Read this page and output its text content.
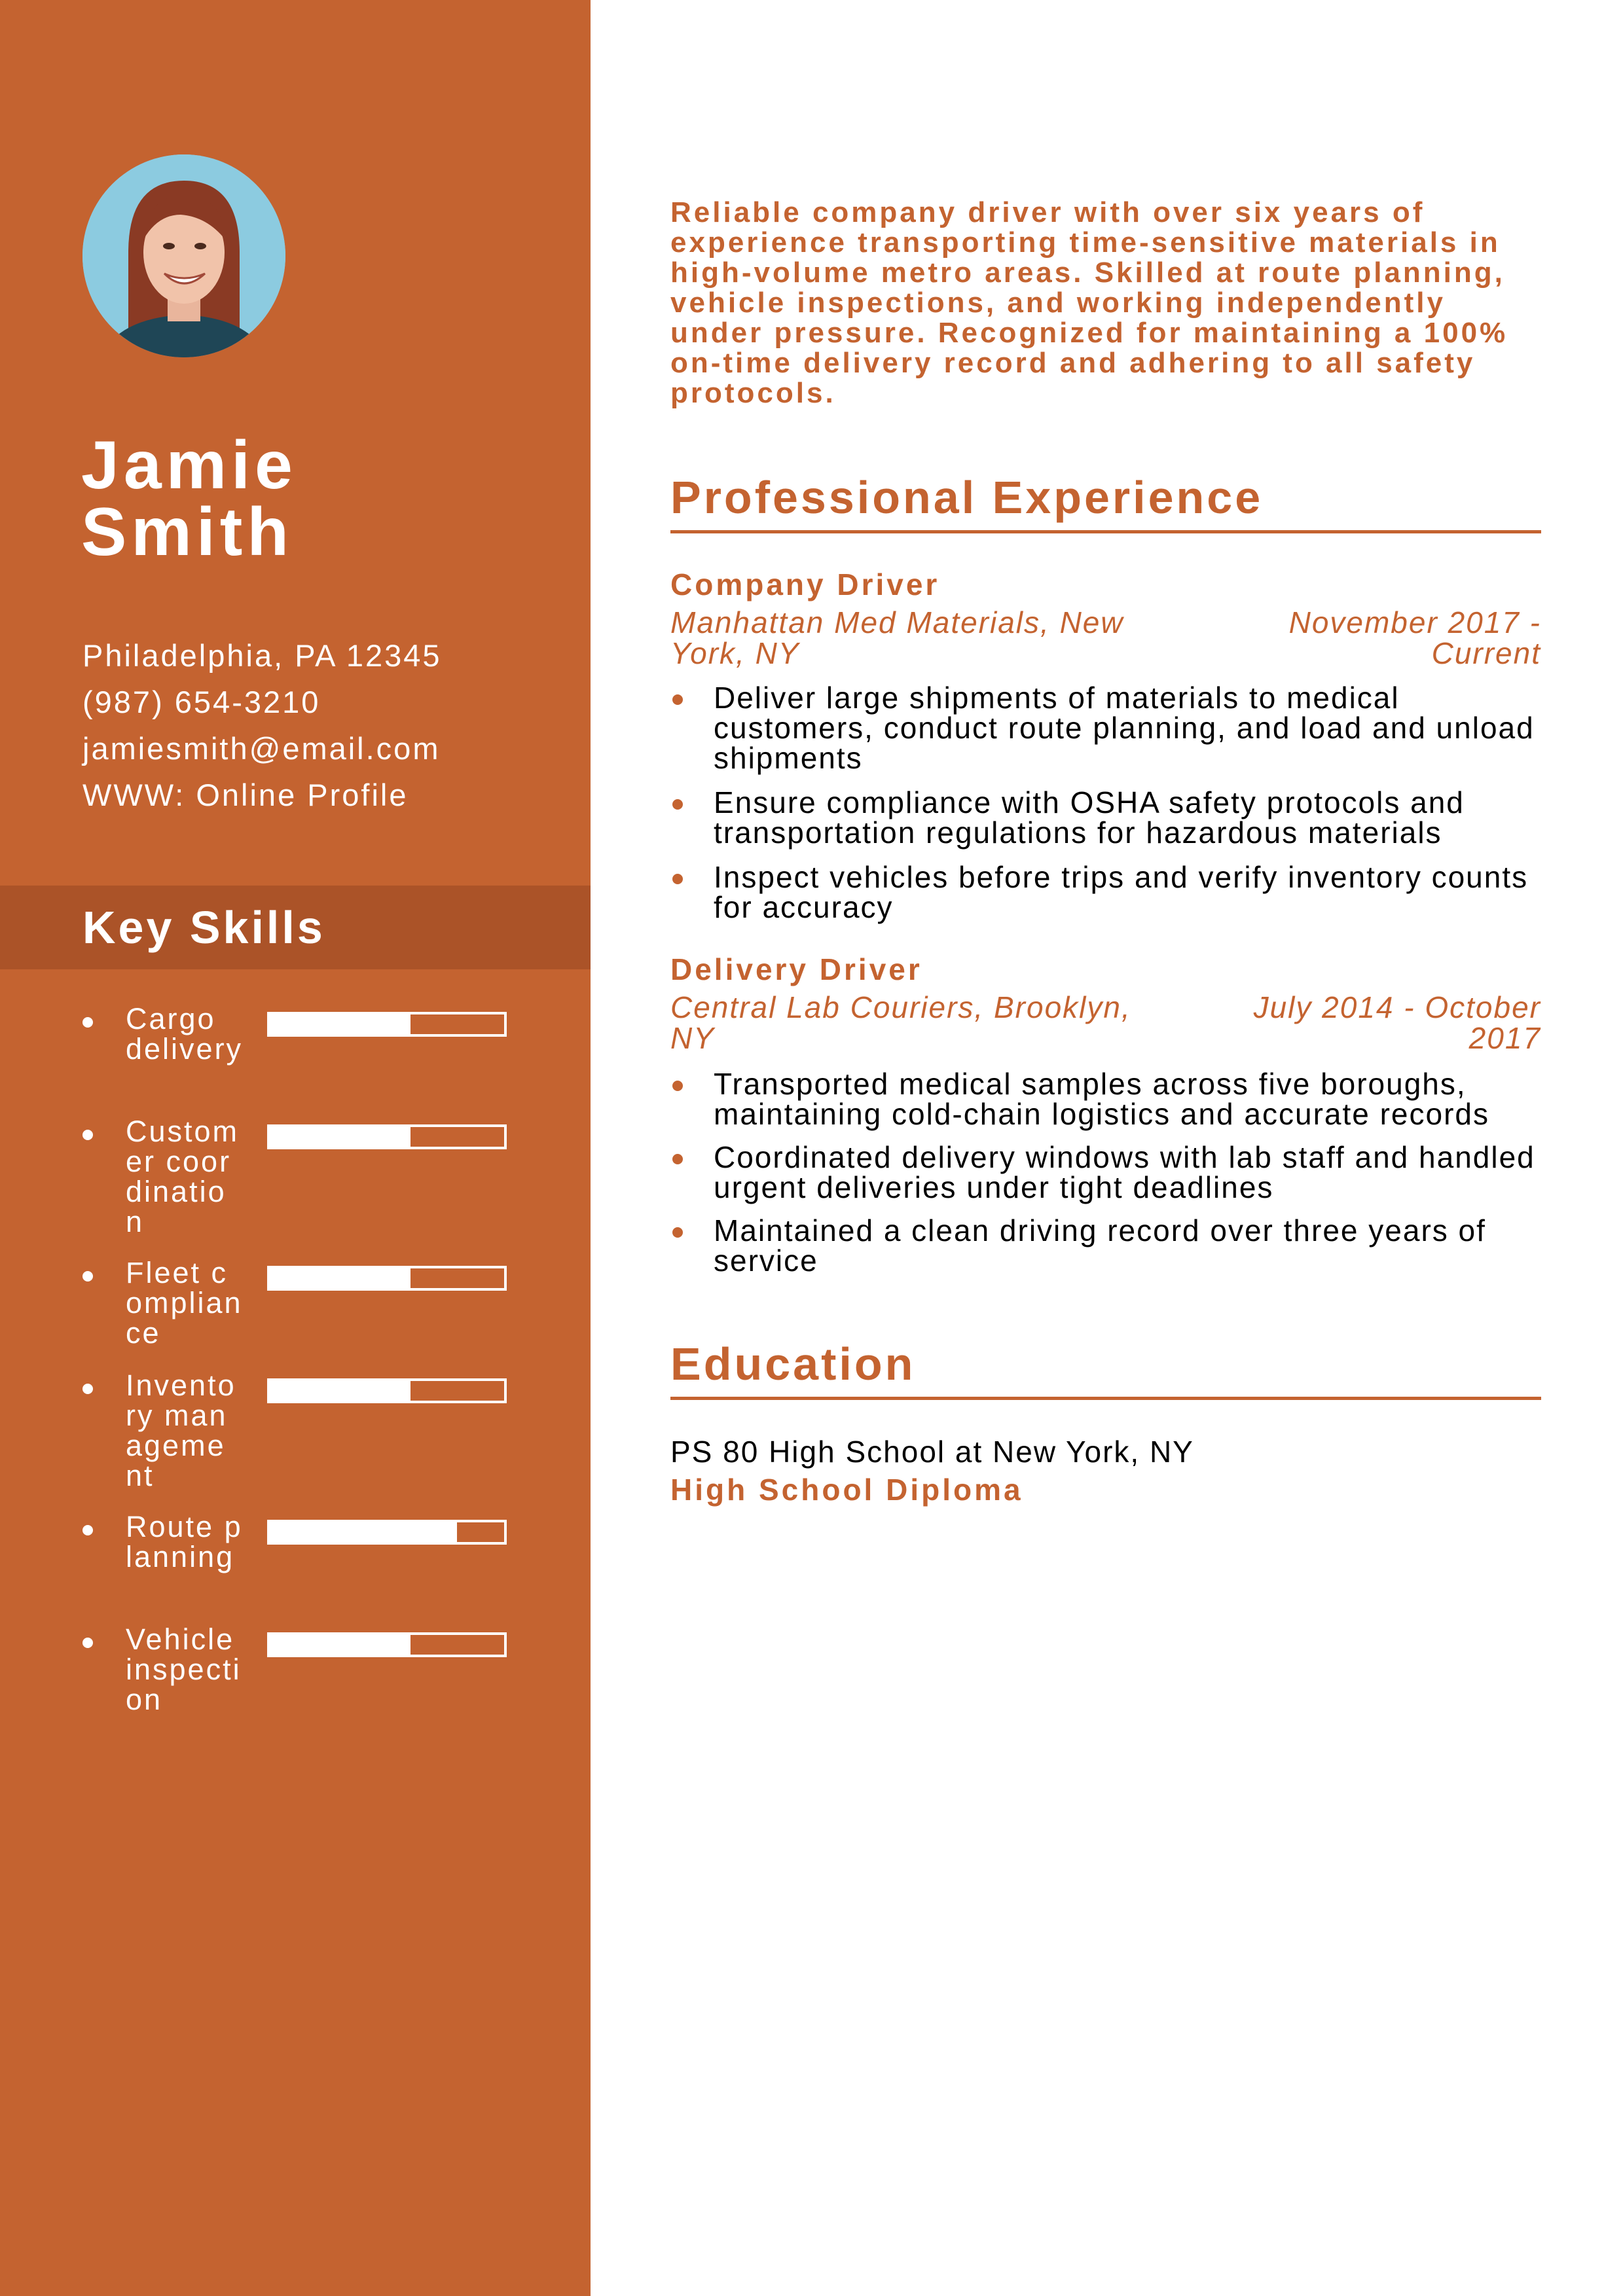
Jamie
Smith
Philadelphia, PA 12345
(987) 654-3210
jamiesmith@email.com
WWW: Online Profile
Key Skills
Cargo delivery
Customer coordination
Fleet compliance
Inventory management
Route planning
Vehicle inspection
Reliable company driver with over six years of experience transporting time-sensitive materials in high-volume metro areas. Skilled at route planning, vehicle inspections, and working independently under pressure. Recognized for maintaining a 100% on-time delivery record and adhering to all safety protocols.
Professional Experience
Company Driver
Manhattan Med Materials, New York, NY
November 2017 - Current
Deliver large shipments of materials to medical customers, conduct route planning, and load and unload shipments
Ensure compliance with OSHA safety protocols and transportation regulations for hazardous materials
Inspect vehicles before trips and verify inventory counts for accuracy
Delivery Driver
Central Lab Couriers, Brooklyn, NY
July 2014 - October 2017
Transported medical samples across five boroughs, maintaining cold-chain logistics and accurate records
Coordinated delivery windows with lab staff and handled urgent deliveries under tight deadlines
Maintained a clean driving record over three years of service
Education
PS 80 High School at New York, NY
High School Diploma
